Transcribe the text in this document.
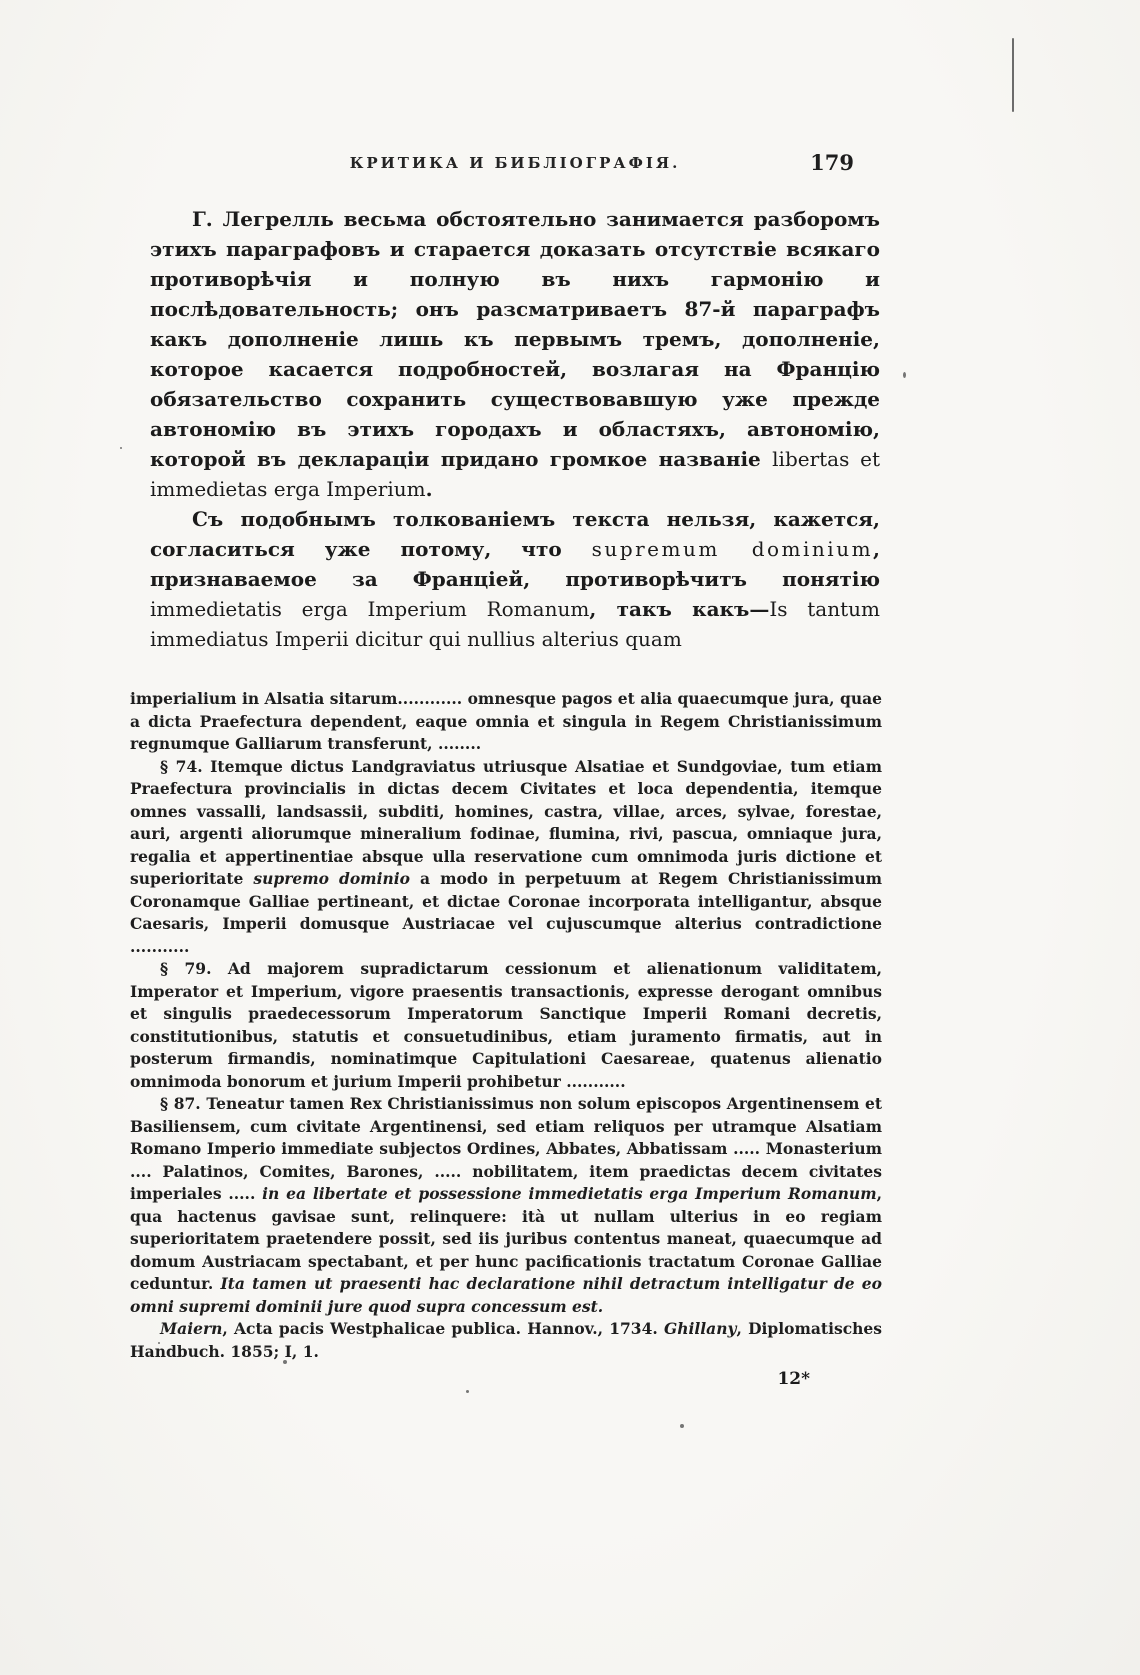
КРИТИКА И БИБЛІОГРАФІЯ.	179

Г. Легрелль весьма обстоятельно занимается разборомъ этихъ параграфовъ и старается доказать отсутствіе всякаго противорѣчія и полную въ нихъ гармонію и послѣдовательность; онъ разсматриваетъ 87-й параграфъ какъ дополненіе лишь къ первымъ тремъ, дополненіе, которое касается подробностей, возлагая на Францію обязательство сохранить существовавшую уже прежде автономію въ этихъ городахъ и областяхъ, автономію, которой въ деклараціи придано громкое названіе libertas et immedietas erga Imperium.

Съ подобнымъ толкованіемъ текста нельзя, кажется, согласиться уже потому, что supremum dominium, признаваемое за Франціей, противорѣчитъ понятію immedietatis erga Imperium Romanum, такъ какъ—Is tantum immediatus Imperii dicitur qui nullius alterius quam

imperialium in Alsatia sitarum............ omnesque pagos et alia quaecumque jura, quae a dicta Praefectura dependent, eaque omnia et singula in Regem Christianissimum regnumque Galliarum transferunt, ........

§ 74. Itemque dictus Landgraviatus utriusque Alsatiae et Sundgoviae, tum etiam Praefectura provincialis in dictas decem Civitates et loca dependentia, itemque omnes vassalli, landsassii, subditi, homines, castra, villae, arces, sylvae, forestae, auri, argenti aliorumque mineralium fodinae, flumina, rivi, pascua, omniaque jura, regalia et appertinentiae absque ulla reservatione cum omnimoda juris dictione et superioritate supremo dominio a modo in perpetuum at Regem Christianissimum Coronamque Galliae pertineant, et dictae Coronae incorporata intelligantur, absque Caesaris, Imperii domusque Austriacae vel cujuscumque alterius contradictione ...........

§ 79. Ad majorem supradictarum cessionum et alienationum validitatem, Imperator et Imperium, vigore praesentis transactionis, expresse derogant omnibus et singulis praedecessorum Imperatorum Sanctique Imperii Romani decretis, constitutionibus, statutis et consuetudinibus, etiam juramento firmatis, aut in posterum firmandis, nominatimque Capitulationi Caesareae, quatenus alienatio omnimoda bonorum et jurium Imperii prohibetur ...........

§ 87. Teneatur tamen Rex Christianissimus non solum episcopos Argentinensem et Basiliensem, cum civitate Argentinensi, sed etiam reliquos per utramque Alsatiam Romano Imperio immediate subjectos Ordines, Abbates, Abbatissam ..... Monasterium .... Palatinos, Comites, Barones, ..... nobilitatem, item praedictas decem civitates imperiales ..... in ea libertate et possessione immedietatis erga Imperium Romanum, qua hactenus gavisae sunt, relinquere: ità ut nullam ulterius in eo regiam superioritatem praetendere possit, sed iis juribus contentus maneat, quaecumque ad domum Austriacam spectabant, et per hunc pacificationis tractatum Coronae Galliae ceduntur. Ita tamen ut praesenti hac declaratione nihil detractum intelligatur de eo omni supremi dominii jure quod supra concessum est.

Maiern, Acta pacis Westphalicae publica. Hannov., 1734. Ghillany, Diplomatisches Handbuch. 1855; I, 1.

12*
